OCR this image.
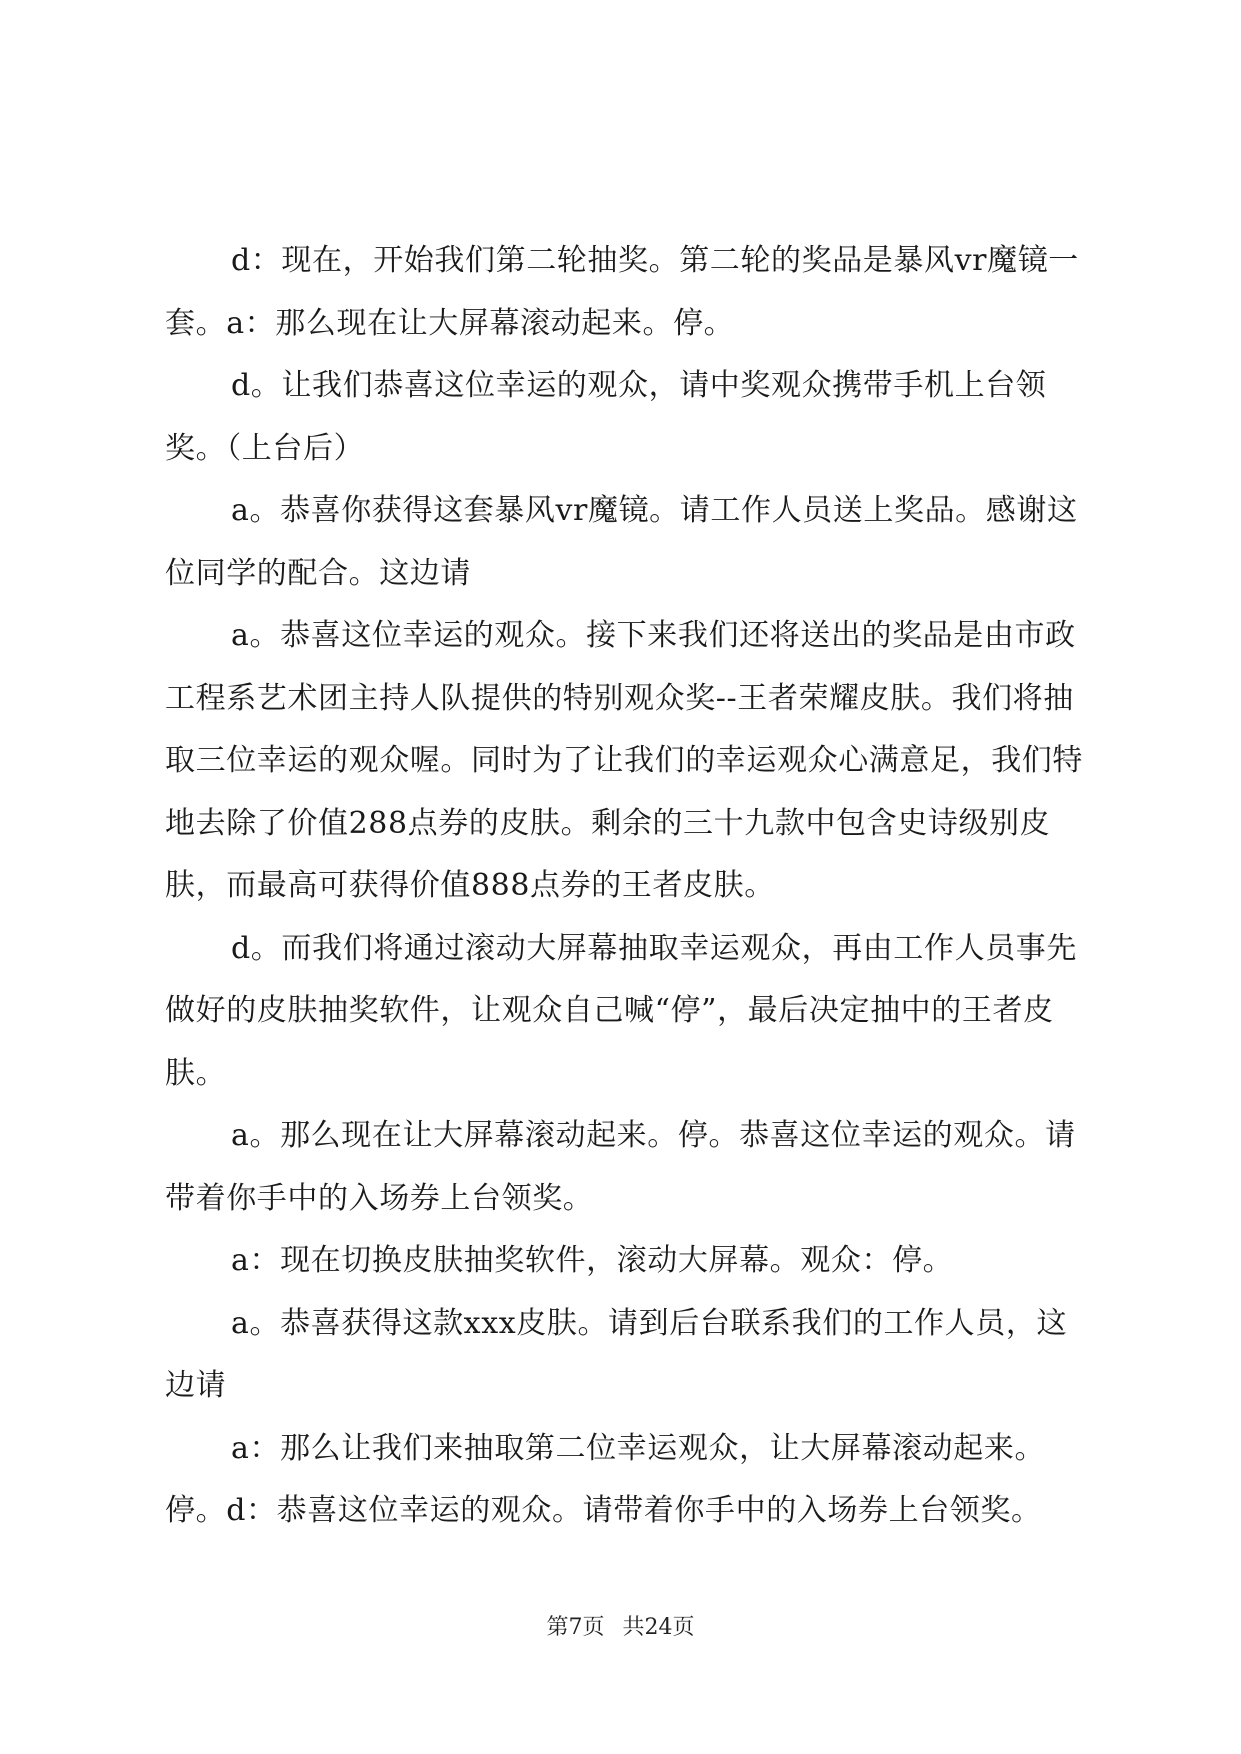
d：现在，开始我们第二轮抽奖。第二轮的奖品是暴风vr魔镜一套。a：那么现在让大屏幕滚动起来。停。

d。让我们恭喜这位幸运的观众，请中奖观众携带手机上台领奖。（上台后）

a。恭喜你获得这套暴风vr魔镜。请工作人员送上奖品。感谢这位同学的配合。这边请

a。恭喜这位幸运的观众。接下来我们还将送出的奖品是由市政工程系艺术团主持人队提供的特别观众奖--王者荣耀皮肤。我们将抽取三位幸运的观众喔。同时为了让我们的幸运观众心满意足，我们特地去除了价值288点券的皮肤。剩余的三十九款中包含史诗级别皮肤，而最高可获得价值888点券的王者皮肤。

d。而我们将通过滚动大屏幕抽取幸运观众，再由工作人员事先做好的皮肤抽奖软件，让观众自己喊“停”，最后决定抽中的王者皮肤。

a。那么现在让大屏幕滚动起来。停。恭喜这位幸运的观众。请带着你手中的入场券上台领奖。

a：现在切换皮肤抽奖软件，滚动大屏幕。观众：停。

a。恭喜获得这款xxx皮肤。请到后台联系我们的工作人员，这边请

a：那么让我们来抽取第二位幸运观众，让大屏幕滚动起来。停。d：恭喜这位幸运的观众。请带着你手中的入场券上台领奖。

第7页 共24页
